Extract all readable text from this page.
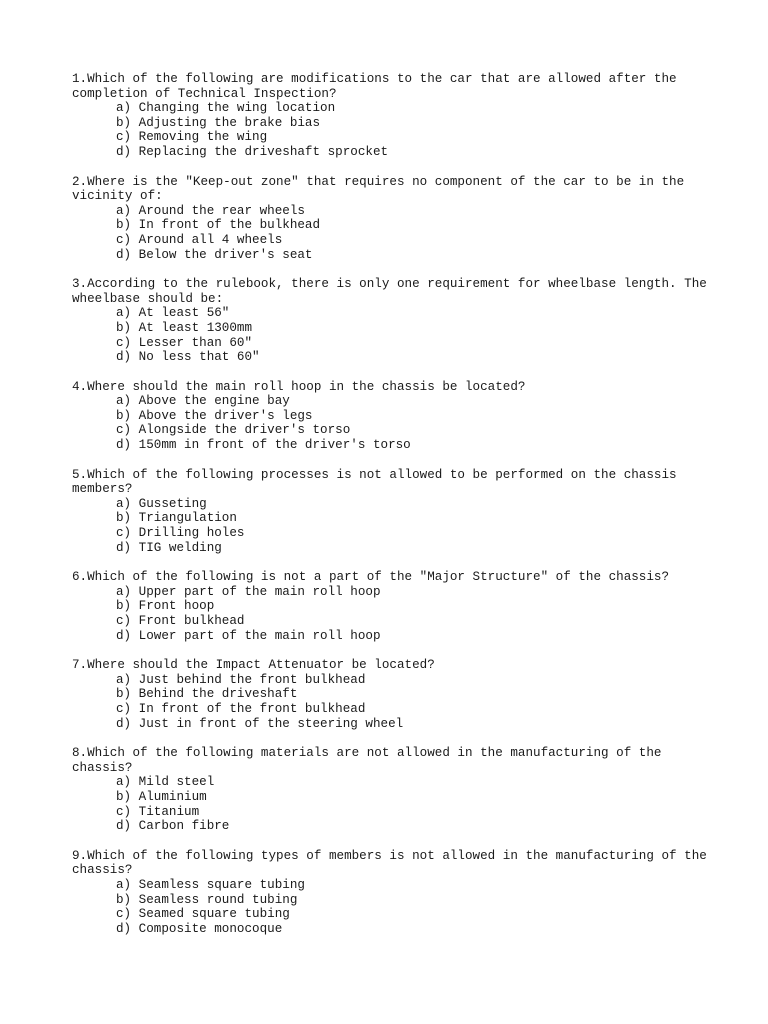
1.Which of the following are modifications to the car that are allowed after the completion of Technical Inspection?

a) Changing the wing location
b) Adjusting the brake bias
c) Removing the wing
d) Replacing the driveshaft sprocket

2.Where is the "Keep-out zone" that requires no component of the car to be in the vicinity of:

a) Around the rear wheels
b) In front of the bulkhead
c) Around all 4 wheels
d) Below the driver's seat

3.According to the rulebook, there is only one requirement for wheelbase length. The wheelbase should be:

a) At least 56"
b) At least 1300mm
c) Lesser than 60"
d) No less that 60"

4.Where should the main roll hoop in the chassis be located?

a) Above the engine bay
b) Above the driver's legs
c) Alongside the driver's torso
d) 150mm in front of the driver's torso

5.Which of the following processes is not allowed to be performed on the chassis members?

a) Gusseting
b) Triangulation
c) Drilling holes
d) TIG welding

6.Which of the following is not a part of the "Major Structure" of the chassis?

a) Upper part of the main roll hoop
b) Front hoop
c) Front bulkhead
d) Lower part of the main roll hoop

7.Where should the Impact Attenuator be located?

a) Just behind the front bulkhead
b) Behind the driveshaft
c) In front of the front bulkhead
d) Just in front of the steering wheel

8.Which of the following materials are not allowed in the manufacturing of the chassis?

a) Mild steel
b) Aluminium
c) Titanium
d) Carbon fibre

9.Which of the following types of members is not allowed in the manufacturing of the chassis?

a) Seamless square tubing
b) Seamless round tubing
c) Seamed square tubing
d) Composite monocoque
